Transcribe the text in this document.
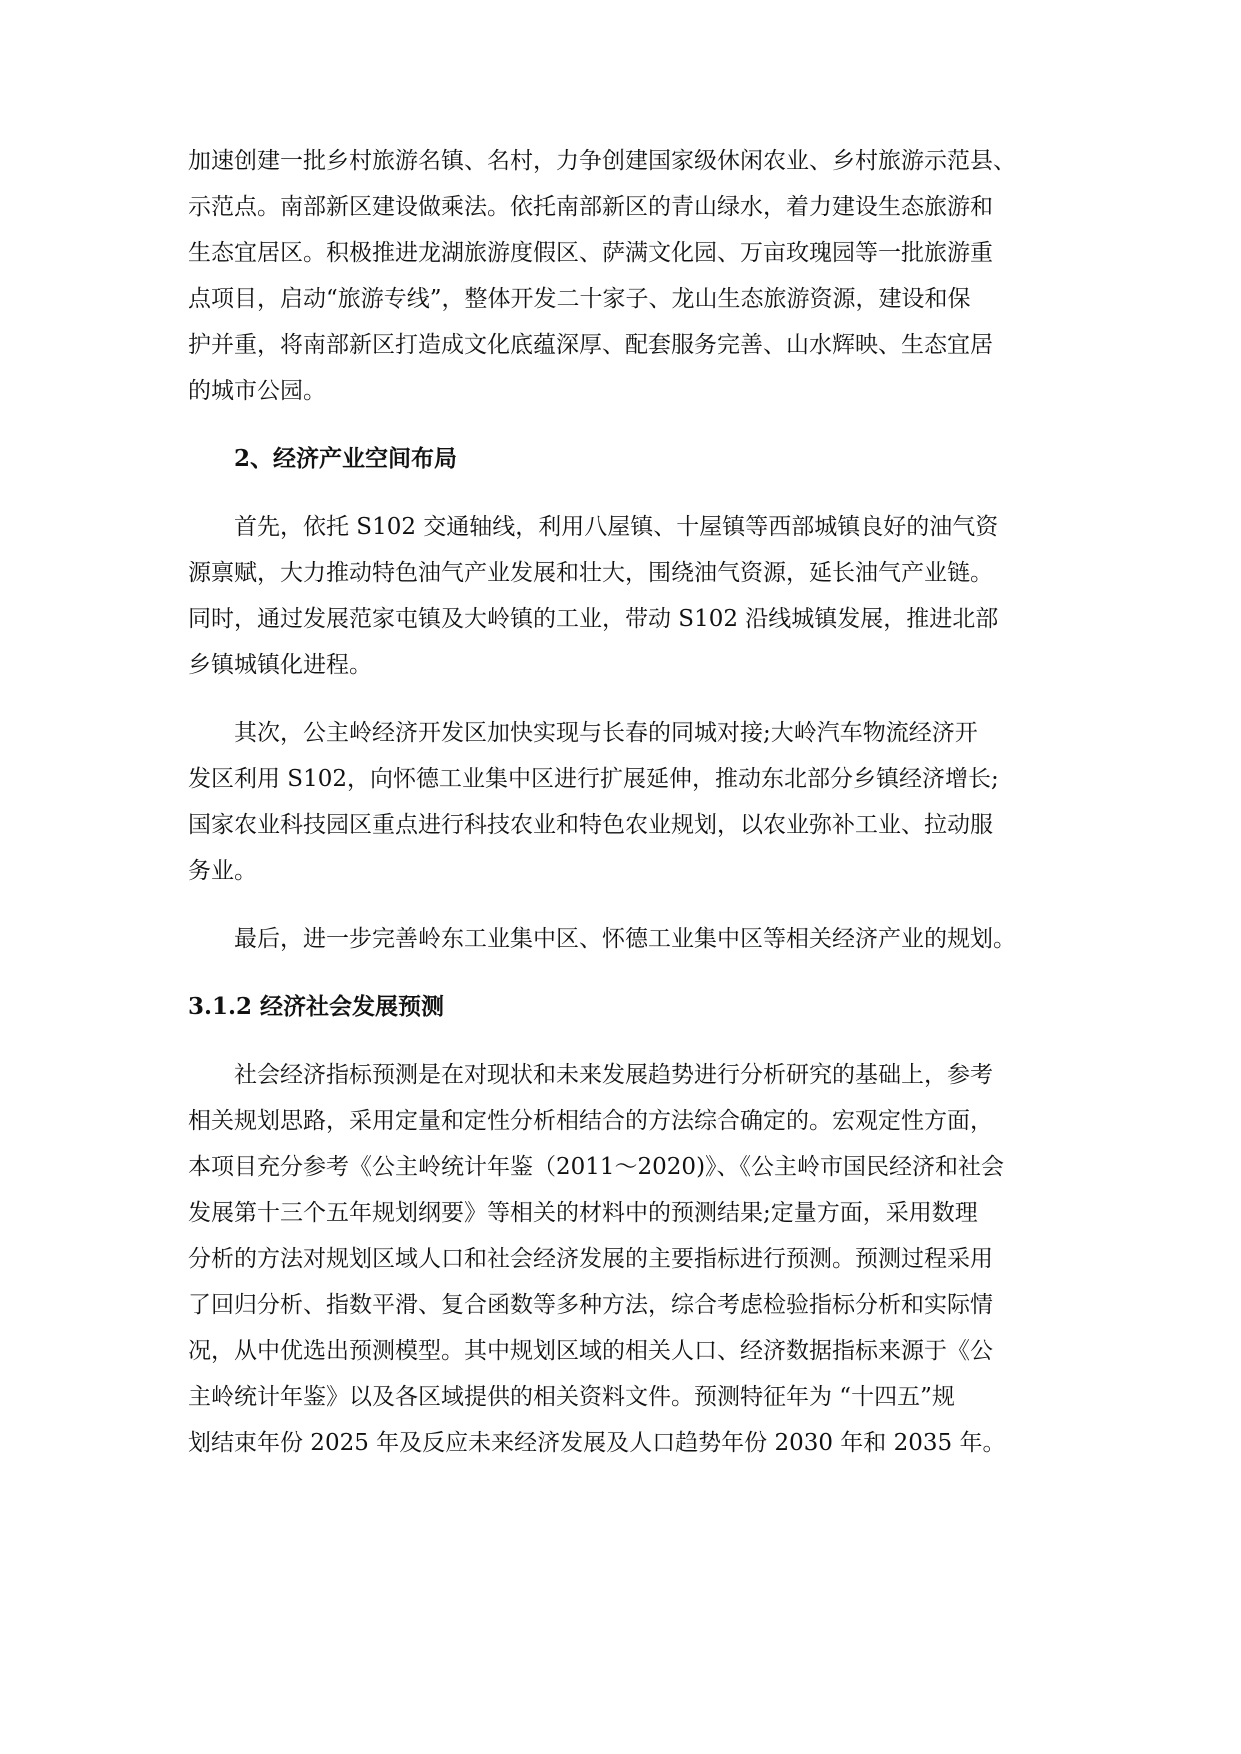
加速创建一批乡村旅游名镇、名村，力争创建国家级休闲农业、乡村旅游示范县、
示范点。南部新区建设做乘法。依托南部新区的青山绿水，着力建设生态旅游和
生态宜居区。积极推进龙湖旅游度假区、萨满文化园、万亩玫瑰园等一批旅游重
点项目，启动“旅游专线”，整体开发二十家子、龙山生态旅游资源，建设和保
护并重，将南部新区打造成文化底蕴深厚、配套服务完善、山水辉映、生态宜居
的城市公园。

2、经济产业空间布局

首先，依托 S102 交通轴线，利用八屋镇、十屋镇等西部城镇良好的油气资
源禀赋，大力推动特色油气产业发展和壮大，围绕油气资源，延长油气产业链。
同时，通过发展范家屯镇及大岭镇的工业，带动 S102 沿线城镇发展，推进北部
乡镇城镇化进程。

其次，公主岭经济开发区加快实现与长春的同城对接;大岭汽车物流经济开
发区利用 S102，向怀德工业集中区进行扩展延伸，推动东北部分乡镇经济增长;
国家农业科技园区重点进行科技农业和特色农业规划，以农业弥补工业、拉动服
务业。

最后，进一步完善岭东工业集中区、怀德工业集中区等相关经济产业的规划。

3.1.2 经济社会发展预测

社会经济指标预测是在对现状和未来发展趋势进行分析研究的基础上，参考
相关规划思路，采用定量和定性分析相结合的方法综合确定的。宏观定性方面，
本项目充分参考《公主岭统计年鉴（2011～2020)》、《公主岭市国民经济和社会
发展第十三个五年规划纲要》等相关的材料中的预测结果;定量方面，采用数理
分析的方法对规划区域人口和社会经济发展的主要指标进行预测。预测过程采用
了回归分析、指数平滑、复合函数等多种方法，综合考虑检验指标分析和实际情
况，从中优选出预测模型。其中规划区域的相关人口、经济数据指标来源于《公
主岭统计年鉴》以及各区域提供的相关资料文件。预测特征年为 “十四五”规
划结束年份 2025 年及反应未来经济发展及人口趋势年份 2030 年和 2035 年。
